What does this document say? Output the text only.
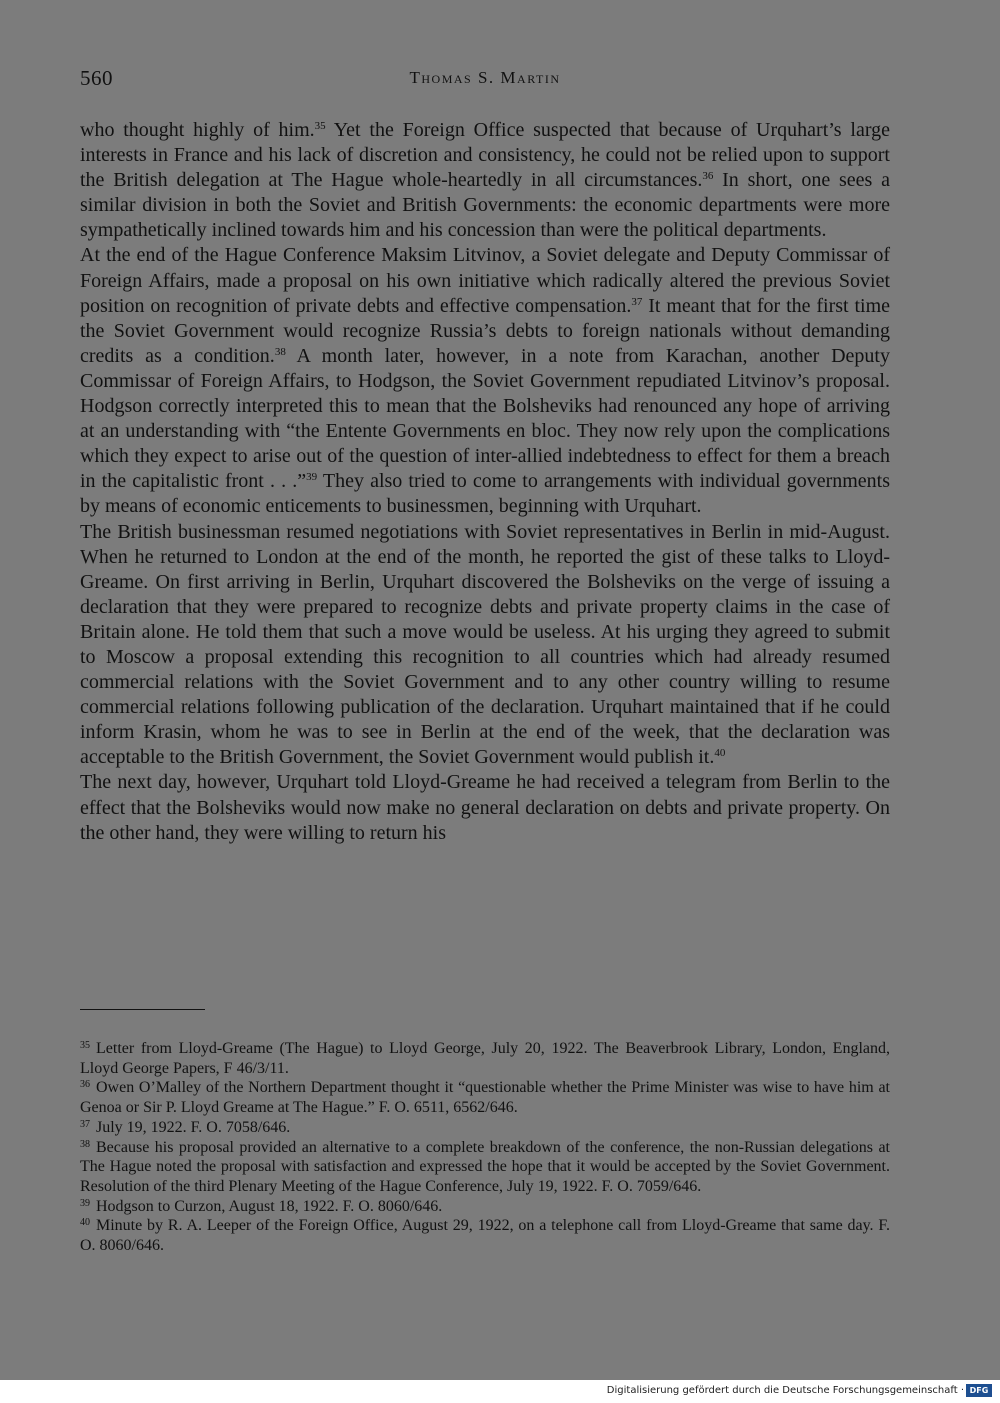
560	Thomas S. Martin

who thought highly of him.$^{35}$ Yet the Foreign Office suspected that because of Urquhart’s large interests in France and his lack of discretion and consistency, he could not be relied upon to support the British delegation at The Hague whole-heartedly in all circumstances.$^{36}$ In short, one sees a similar division in both the Soviet and British Governments: the economic departments were more sympathetically inclined towards him and his concession than were the political departments.

At the end of the Hague Conference Maksim Litvinov, a Soviet delegate and Deputy Commissar of Foreign Affairs, made a proposal on his own initiative which radically altered the previous Soviet position on recognition of private debts and effective compensation.$^{37}$ It meant that for the first time the Soviet Government would recognize Russia’s debts to foreign nationals without demanding credits as a condition.$^{38}$ A month later, however, in a note from Karachan, another Deputy Commissar of Foreign Affairs, to Hodgson, the Soviet Government repudiated Litvinov’s proposal. Hodgson correctly interpreted this to mean that the Bolsheviks had renounced any hope of arriving at an understanding with “the Entente Governments en bloc. They now rely upon the complications which they expect to arise out of the question of inter-allied indebtedness to effect for them a breach in the capitalistic front . . .”$^{39}$ They also tried to come to arrangements with individual governments by means of economic enticements to businessmen, beginning with Urquhart.

The British businessman resumed negotiations with Soviet representatives in Berlin in mid-August. When he returned to London at the end of the month, he reported the gist of these talks to Lloyd-Greame. On first arriving in Berlin, Urquhart discovered the Bolsheviks on the verge of issuing a declaration that they were prepared to recognize debts and private property claims in the case of Britain alone. He told them that such a move would be useless. At his urging they agreed to submit to Moscow a proposal extending this recognition to all countries which had already resumed commercial relations with the Soviet Government and to any other country willing to resume commercial relations following publication of the declaration. Urquhart maintained that if he could inform Krasin, whom he was to see in Berlin at the end of the week, that the declaration was acceptable to the British Government, the Soviet Government would publish it.$^{40}$

The next day, however, Urquhart told Lloyd-Greame he had received a telegram from Berlin to the effect that the Bolsheviks would now make no general declaration on debts and private property. On the other hand, they were willing to return his

$^{35}$ Letter from Lloyd-Greame (The Hague) to Lloyd George, July 20, 1922. The Beaverbrook Library, London, England, Lloyd George Papers, F 46/3/11.

$^{36}$ Owen O’Malley of the Northern Department thought it “questionable whether the Prime Minister was wise to have him at Genoa or Sir P. Lloyd Greame at The Hague.” F. O. 6511, 6562/646.

$^{37}$ July 19, 1922. F. O. 7058/646.

$^{38}$ Because his proposal provided an alternative to a complete breakdown of the conference, the non-Russian delegations at The Hague noted the proposal with satisfaction and expressed the hope that it would be accepted by the Soviet Government. Resolution of the third Plenary Meeting of the Hague Conference, July 19, 1922. F. O. 7059/646.

$^{39}$ Hodgson to Curzon, August 18, 1922. F. O. 8060/646.

$^{40}$ Minute by R. A. Leeper of the Foreign Office, August 29, 1922, on a telephone call from Lloyd-Greame that same day. F. O. 8060/646.

Digitalisierung gefördert durch die Deutsche Forschungsgemeinschaft · DFG
